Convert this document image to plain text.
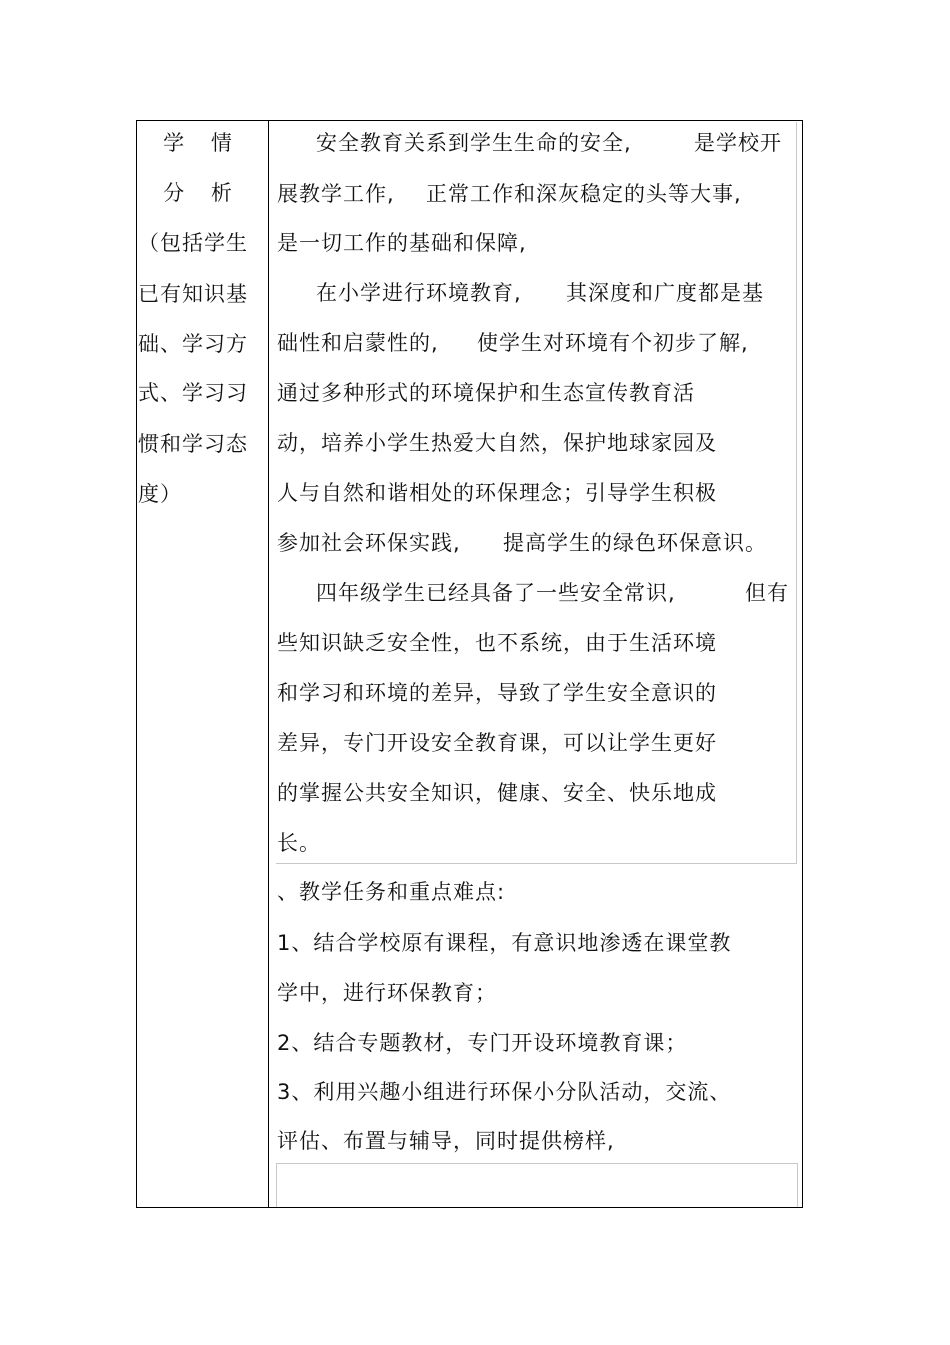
学 情
分 析
（包括学生
已有知识基
础、学习方
式、学习习
惯和学习态
度）
安全教育关系到学生生命的安全,	是学校开
展教学工作, 正常工作和深灰稳定的头等大事,
是一切工作的基础和保障,
在小学进行环境教育, 其深度和广度都是基
础性和启蒙性的, 使学生对环境有个初步了解,
通过多种形式的环境保护和生态宣传教育活
动，培养小学生热爱大自然，保护地球家园及
人与自然和谐相处的环保理念；引导学生积极
参加社会环保实践, 提高学生的绿色环保意识。
四年级学生已经具备了一些安全常识,	但有
些知识缺乏安全性，也不系统，由于生活环境
和学习和环境的差异，导致了学生安全意识的
差异，专门开设安全教育课，可以让学生更好
的掌握公共安全知识，健康、安全、快乐地成
长。
、教学任务和重点难点:
1、结合学校原有课程，有意识地渗透在课堂教
学中，进行环保教育；
2、结合专题教材，专门开设环境教育课；
3、利用兴趣小组进行环保小分队活动，交流、
评估、布置与辅导，同时提供榜样,
